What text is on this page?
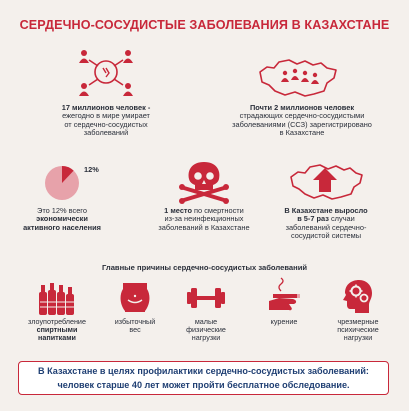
СЕРДЕЧНО-СОСУДИСТЫЕ ЗАБОЛЕВАНИЯ В КАЗАХСТАНЕ
17 миллионов человек -
ежегодно в мире умирает
от сердечно-сосудистых заболеваний
Почти 2 миллионов человек
страдающих сердечно-сосудистыми
заболеваниями (ССЗ) зарегистрировано
в Казахстане
12%
Это 12% всего
экономически
активного населения
1 место по смертности
из-за неинфекционных
заболеваний в Казахстане
В Казахстане выросло
в 5-7 раз случаи
заболеваний сердечно-
сосудистой системы
Главные причины сердечно-сосудистых заболеваний
злоупотребление
спиртными
напитками
избыточный
вес
малые
физические
нагрузки
курение	чрезмерные
психические
нагрузки
В Казахстане в целях профилактики сердечно-сосудистых заболеваний:
человек старше 40 лет может пройти бесплатное обследование.
